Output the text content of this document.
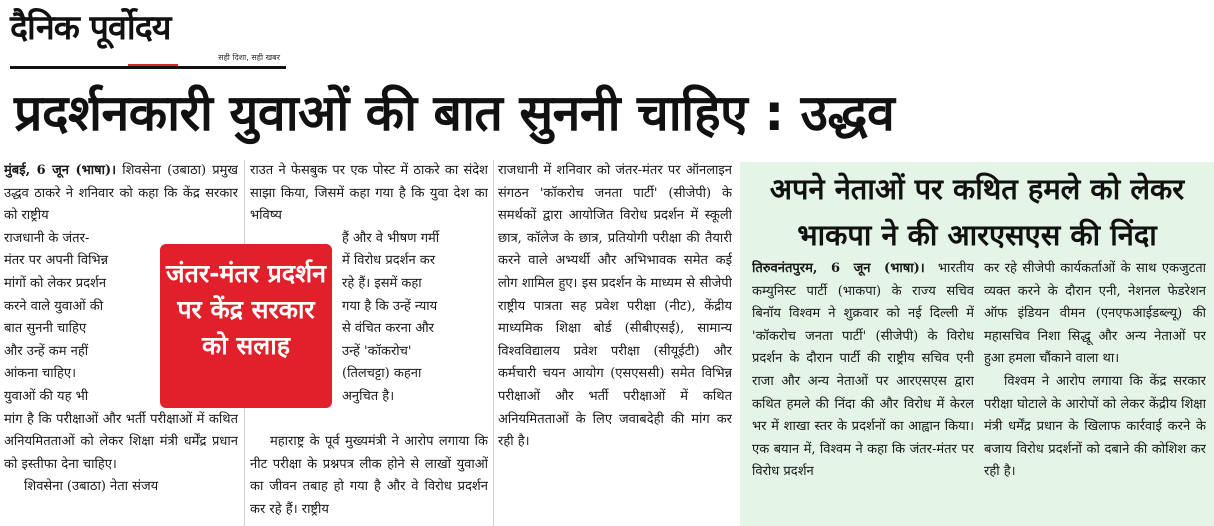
दैनिक पूर्वोदय
सही दिशा, सही खबर
प्रदर्शनकारी युवाओं की बात सुननी चाहिए : उद्धव
मुंबई, 6 जून (भाषा)। शिवसेना (उबाठा) प्रमुख उद्धव ठाकरे ने शनिवार को कहा कि केंद्र सरकार को राष्ट्रीय
राजधानी के जंतर-
मंतर पर अपनी विभिन्न
मांगों को लेकर प्रदर्शन
करने वाले युवाओं की
बात सुननी चाहिए
और उन्हें कम नहीं
आंकना चाहिए।
युवाओं की यह भी
मांग है कि परीक्षाओं और भर्ती परीक्षाओं में कथित अनियमितताओं को लेकर शिक्षा मंत्री धर्मेंद्र प्रधान को इस्तीफा देना चाहिए।
शिवसेना (उबाठा) नेता संजय
राउत ने फेसबुक पर एक पोस्ट में ठाकरे का संदेश साझा किया, जिसमें कहा गया है कि युवा देश का भविष्य
हैं और वे भीषण गर्मी
में विरोध प्रदर्शन कर
रहे हैं। इसमें कहा
गया है कि उन्हें न्याय
से वंचित करना और
उन्हें 'कॉकरोच'
(तिलचट्टा) कहना
अनुचित है।
महाराष्ट्र के पूर्व मुख्यमंत्री ने आरोप लगाया कि नीट परीक्षा के प्रश्नपत्र लीक होने से लाखों युवाओं का जीवन तबाह हो गया है और वे विरोध प्रदर्शन कर रहे हैं। राष्ट्रीय
राजधानी में शनिवार को जंतर-मंतर पर ऑनलाइन संगठन 'कॉकरोच जनता पार्टी' (सीजेपी) के समर्थकों द्वारा आयोजित विरोध प्रदर्शन में स्कूली छात्र, कॉलेज के छात्र, प्रतियोगी परीक्षा की तैयारी करने वाले अभ्यर्थी और अभिभावक समेत कई लोग शामिल हुए। इस प्रदर्शन के माध्यम से सीजेपी राष्ट्रीय पात्रता सह प्रवेश परीक्षा (नीट), केंद्रीय माध्यमिक शिक्षा बोर्ड (सीबीएसई), सामान्य विश्वविद्यालय प्रवेश परीक्षा (सीयूईटी) और कर्मचारी चयन आयोग (एसएससी) समेत विभिन्न परीक्षाओं और भर्ती परीक्षाओं में कथित अनियमितताओं के लिए जवाबदेही की मांग कर रही है।
जंतर-मंतर प्रदर्शन पर केंद्र सरकार को सलाह
अपने नेताओं पर कथित हमले को लेकर
भाकपा ने की आरएसएस की निंदा
तिरुवनंतपुरम, 6 जून (भाषा)। भारतीय कम्युनिस्ट पार्टी (भाकपा) के राज्य सचिव बिनॉय विश्वम ने शुक्रवार को नई दिल्ली में 'कॉकरोच जनता पार्टी' (सीजेपी) के विरोध प्रदर्शन के दौरान पार्टी की राष्ट्रीय सचिव एनी राजा और अन्य नेताओं पर आरएसएस द्वारा कथित हमले की निंदा की और विरोध में केरल भर में शाखा स्तर के प्रदर्शनों का आह्वान किया। एक बयान में, विश्वम ने कहा कि जंतर-मंतर पर विरोध प्रदर्शन
कर रहे सीजेपी कार्यकर्ताओं के साथ एकजुटता व्यक्त करने के दौरान एनी, नेशनल फेडरेशन ऑफ इंडियन वीमन (एनएफआईडब्ल्यू) की महासचिव निशा सिद्धू और अन्य नेताओं पर हुआ हमला चौंकाने वाला था।
विश्वम ने आरोप लगाया कि केंद्र सरकार परीक्षा घोटाले के आरोपों को लेकर केंद्रीय शिक्षा मंत्री धर्मेंद्र प्रधान के खिलाफ कार्रवाई करने के बजाय विरोध प्रदर्शनों को दबाने की कोशिश कर रही है।
